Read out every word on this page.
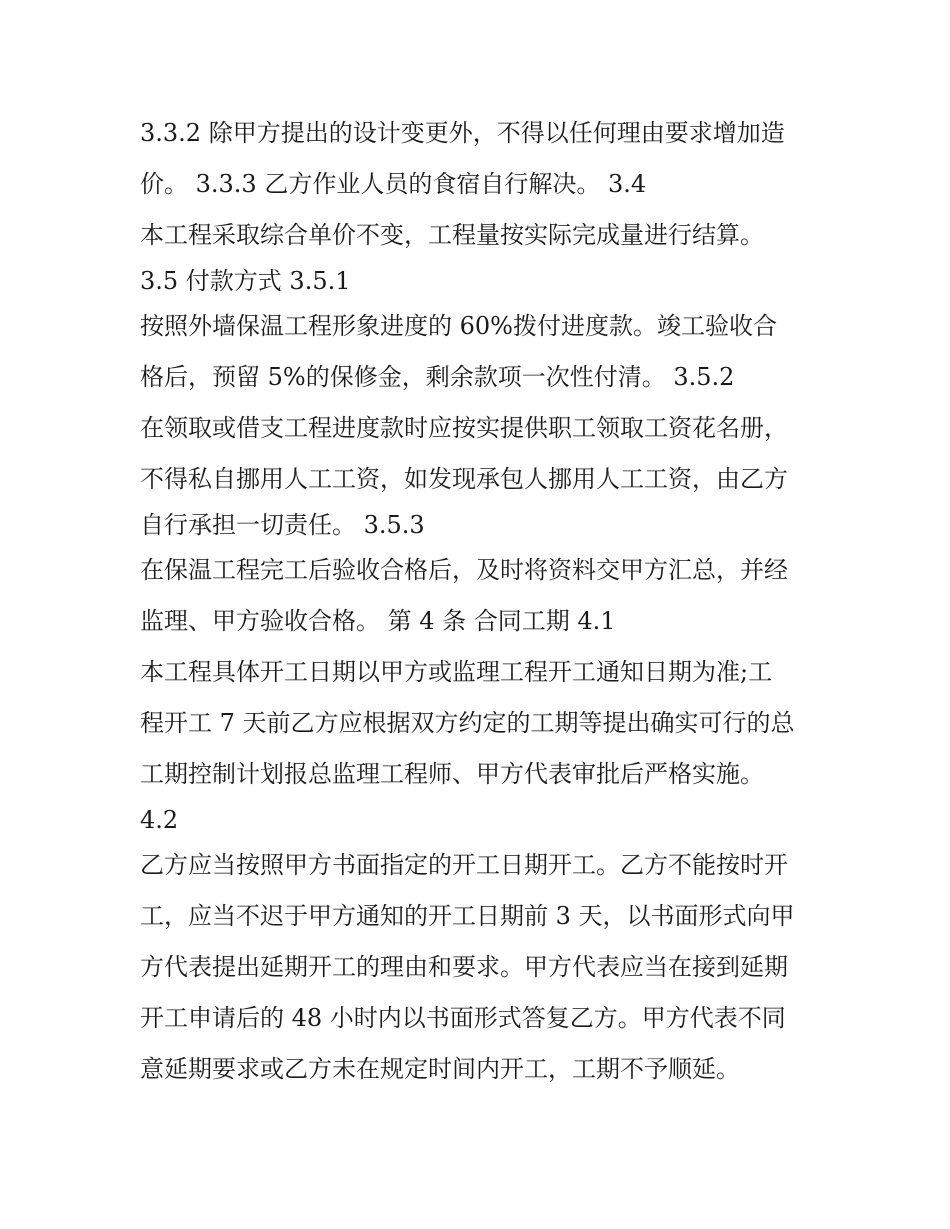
3.3.2 除甲方提出的设计变更外，不得以任何理由要求增加造
价。 3.3.3 乙方作业人员的食宿自行解决。 3.4
本工程采取综合单价不变，工程量按实际完成量进行结算。
3.5 付款方式 3.5.1
按照外墙保温工程形象进度的 60%拨付进度款。竣工验收合
格后，预留 5%的保修金，剩余款项一次性付清。 3.5.2
在领取或借支工程进度款时应按实提供职工领取工资花名册，
不得私自挪用人工工资，如发现承包人挪用人工工资，由乙方
自行承担一切责任。 3.5.3
在保温工程完工后验收合格后，及时将资料交甲方汇总，并经
监理、甲方验收合格。 第 4 条 合同工期 4.1
本工程具体开工日期以甲方或监理工程开工通知日期为准;工
程开工 7 天前乙方应根据双方约定的工期等提出确实可行的总
工期控制计划报总监理工程师、甲方代表审批后严格实施。
4.2
乙方应当按照甲方书面指定的开工日期开工。乙方不能按时开
工，应当不迟于甲方通知的开工日期前 3 天，以书面形式向甲
方代表提出延期开工的理由和要求。甲方代表应当在接到延期
开工申请后的 48 小时内以书面形式答复乙方。甲方代表不同
意延期要求或乙方未在规定时间内开工，工期不予顺延。
